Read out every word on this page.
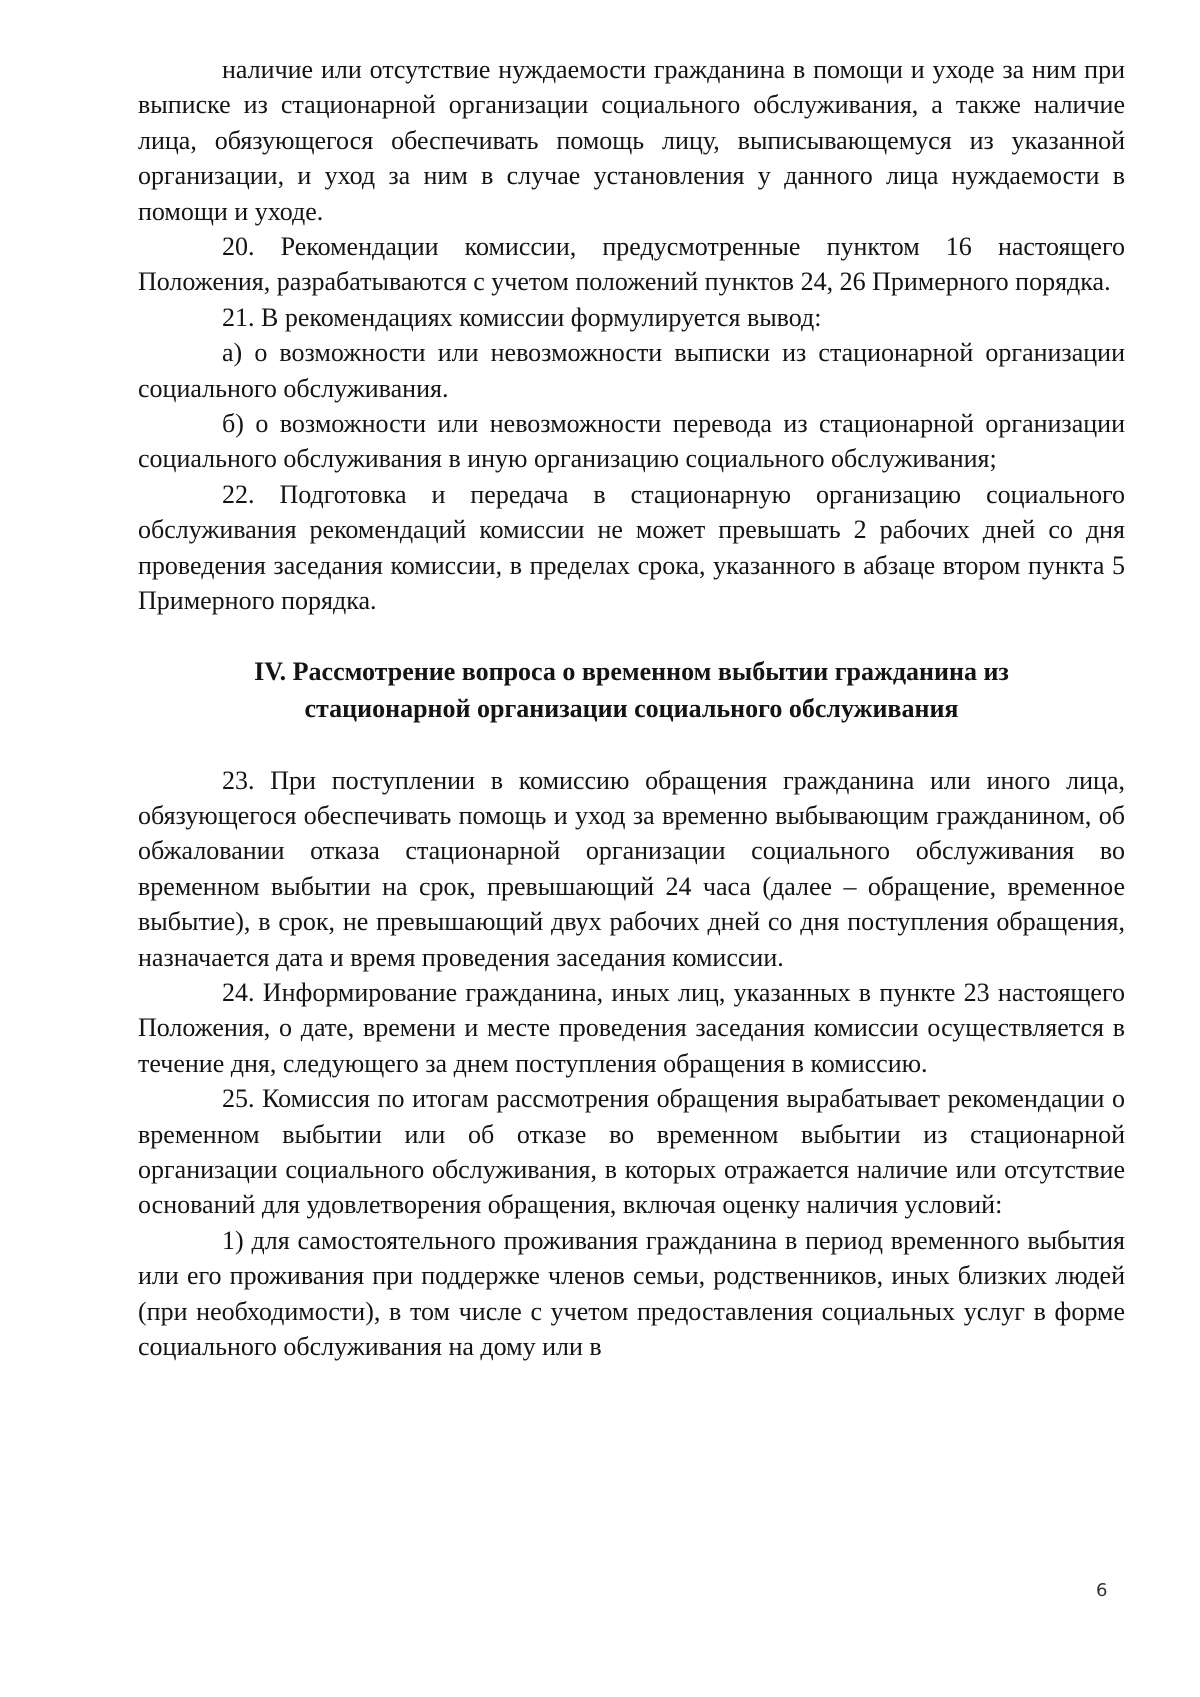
наличие или отсутствие нуждаемости гражданина в помощи и уходе за ним при выписке из стационарной организации социального обслуживания, а также наличие лица, обязующегося обеспечивать помощь лицу, выписывающемуся из указанной организации, и уход за ним в случае установления у данного лица нуждаемости в помощи и уходе.

20. Рекомендации комиссии, предусмотренные пунктом 16 настоящего Положения, разрабатываются с учетом положений пунктов 24, 26 Примерного порядка.

21. В рекомендациях комиссии формулируется вывод:

а) о возможности или невозможности выписки из стационарной организации социального обслуживания.

б) о возможности или невозможности перевода из стационарной организации социального обслуживания в иную организацию социального обслуживания;

22. Подготовка и передача в стационарную организацию социального обслуживания рекомендаций комиссии не может превышать 2 рабочих дней со дня проведения заседания комиссии, в пределах срока, указанного в абзаце втором пункта 5 Примерного порядка.

IV. Рассмотрение вопроса о временном выбытии гражданина из
стационарной организации социального обслуживания

23. При поступлении в комиссию обращения гражданина или иного лица, обязующегося обеспечивать помощь и уход за временно выбывающим гражданином, об обжаловании отказа стационарной организации социального обслуживания во временном выбытии на срок, превышающий 24 часа (далее – обращение, временное выбытие), в срок, не превышающий двух рабочих дней со дня поступления обращения, назначается дата и время проведения заседания комиссии.

24. Информирование гражданина, иных лиц, указанных в пункте 23 настоящего Положения, о дате, времени и месте проведения заседания комиссии осуществляется в течение дня, следующего за днем поступления обращения в комиссию.

25. Комиссия по итогам рассмотрения обращения вырабатывает рекомендации о временном выбытии или об отказе во временном выбытии из стационарной организации социального обслуживания, в которых отражается наличие или отсутствие оснований для удовлетворения обращения, включая оценку наличия условий:

1) для самостоятельного проживания гражданина в период временного выбытия или его проживания при поддержке членов семьи, родственников, иных близких людей (при необходимости), в том числе с учетом предоставления социальных услуг в форме социального обслуживания на дому или в

6
